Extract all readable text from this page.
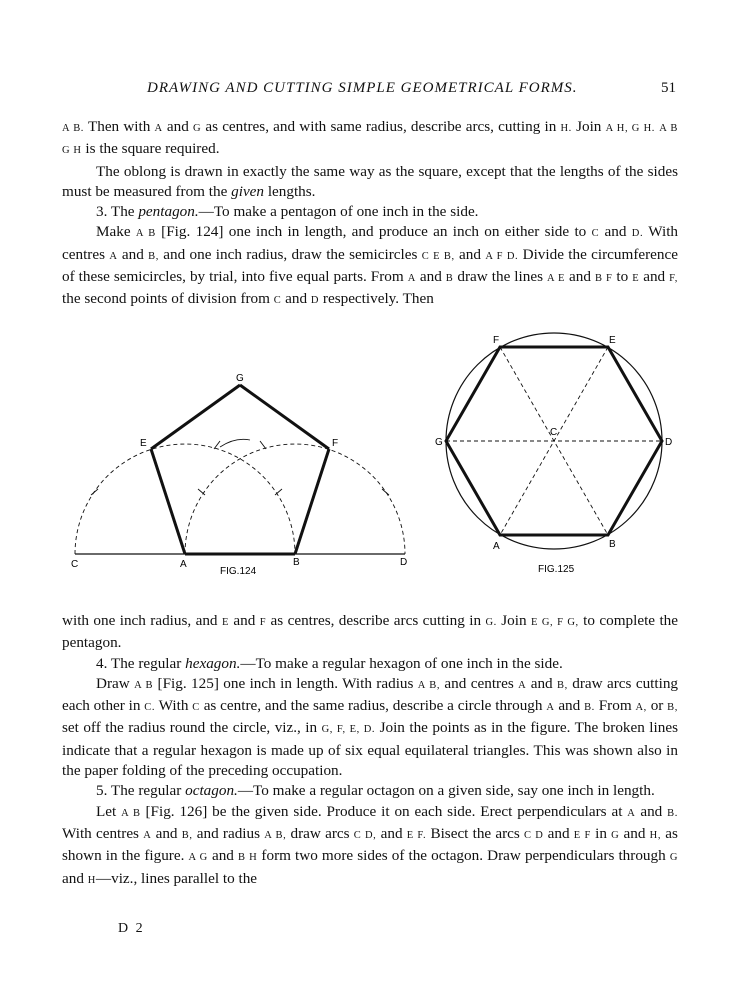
DRAWING AND CUTTING SIMPLE GEOMETRICAL FORMS.	51

A B. Then with A and G as centres, and with same radius, describe arcs, cutting in H. Join A H, G H. A B G H is the square required.

The oblong is drawn in exactly the same way as the square, except that the lengths of the sides must be measured from the given lengths.

3. The pentagon.—To make a pentagon of one inch in the side.

Make A B [Fig. 124] one inch in length, and produce an inch on either side to C and D. With centres A and B, and one inch radius, draw the semicircles C E B, and A F D. Divide the circumference of these semicircles, by trial, into five equal parts. From A and B draw the lines A E and B F to E and F, the second points of division from C and D respectively. Then

G
E	F
C	A	B	D
FIG.124
F	E
G
C
D
A	B
FIG.125

with one inch radius, and E and F as centres, describe arcs cutting in G. Join E G, F G, to complete the pentagon.

4. The regular hexagon.—To make a regular hexagon of one inch in the side.

Draw A B [Fig. 125] one inch in length. With radius A B, and centres A and B, draw arcs cutting each other in C. With C as centre, and the same radius, describe a circle through A and B. From A, or B, set off the radius round the circle, viz., in G, F, E, D. Join the points as in the figure. The broken lines indicate that a regular hexagon is made up of six equal equilateral triangles. This was shown also in the paper folding of the preceding occupation.

5. The regular octagon.—To make a regular octagon on a given side, say one inch in length.

Let A B [Fig. 126] be the given side. Produce it on each side. Erect perpendiculars at A and B. With centres A and B, and radius A B, draw arcs C D, and E F. Bisect the arcs C D and E F in G and H, as shown in the figure. A G and B H form two more sides of the octagon. Draw perpendiculars through G and H—viz., lines parallel to the

D 2
